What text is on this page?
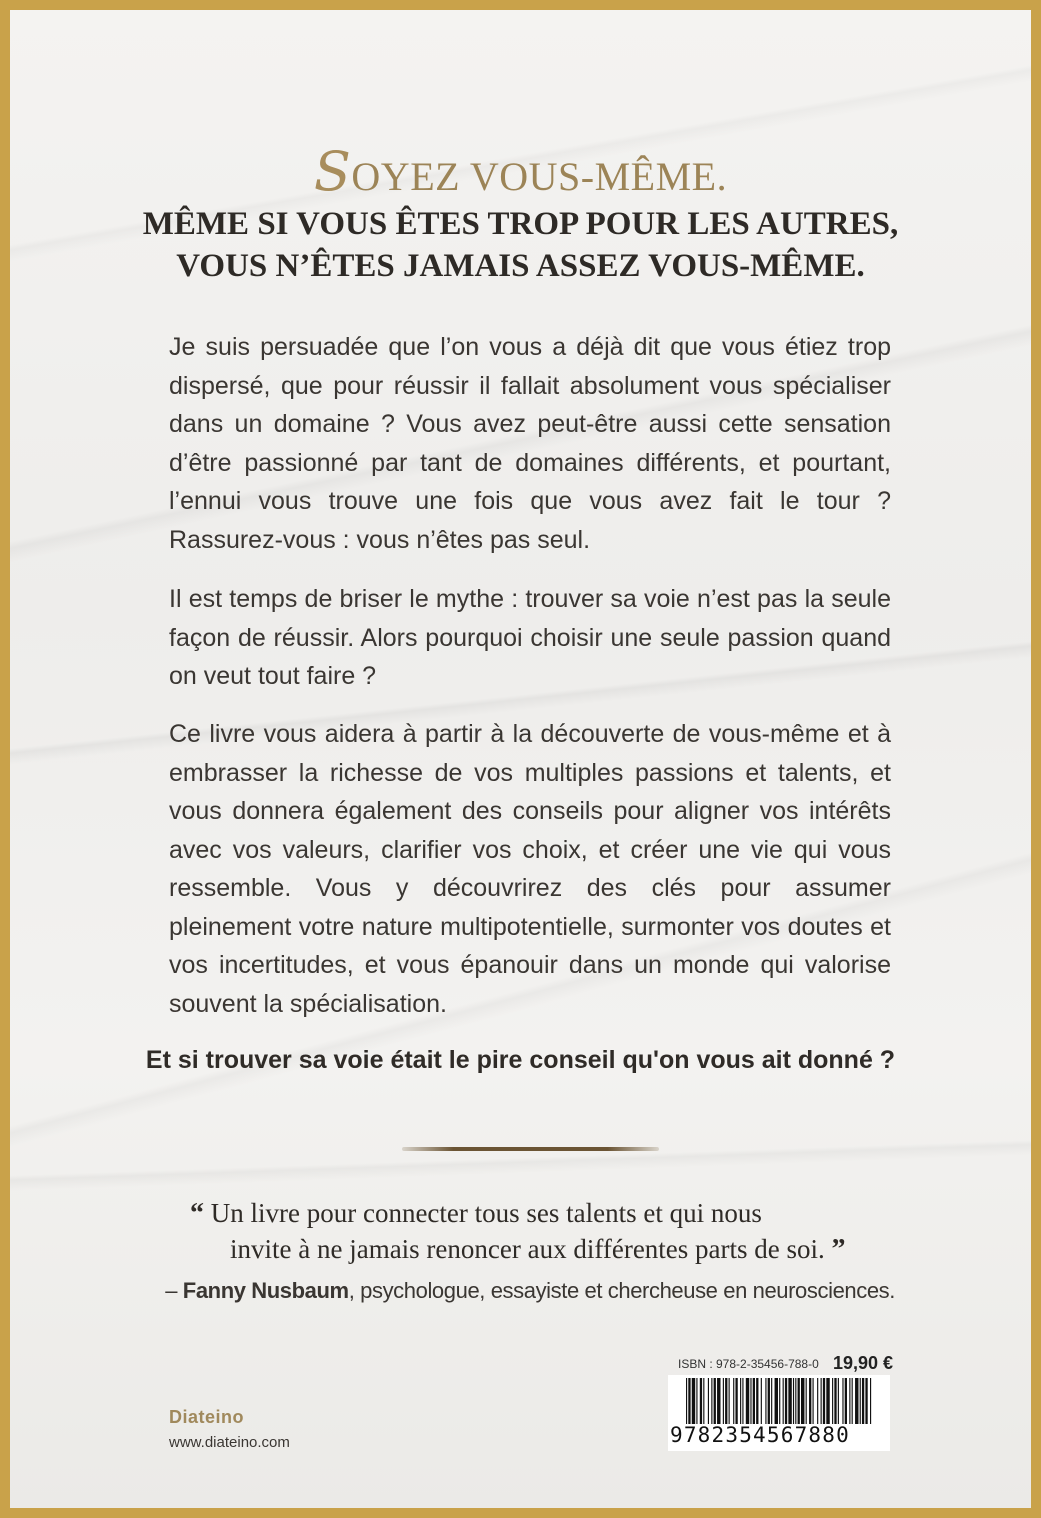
SOYEZ VOUS-MÊME.
MÊME SI VOUS ÊTES TROP POUR LES AUTRES,
VOUS N’ÊTES JAMAIS ASSEZ VOUS-MÊME.

Je suis persuadée que l’on vous a déjà dit que vous étiez trop dispersé, que pour réussir il fallait absolument vous spécialiser dans un domaine ? Vous avez peut-être aussi cette sensation d’être passionné par tant de domaines différents, et pourtant, l’ennui vous trouve une fois que vous avez fait le tour ? Rassurez-vous : vous n’êtes pas seul.

Il est temps de briser le mythe : trouver sa voie n’est pas la seule façon de réussir. Alors pourquoi choisir une seule passion quand on veut tout faire ?

Ce livre vous aidera à partir à la découverte de vous-même et à embrasser la richesse de vos multiples passions et talents, et vous donnera également des conseils pour aligner vos intérêts avec vos valeurs, clarifier vos choix, et créer une vie qui vous ressemble. Vous y découvrirez des clés pour assumer pleinement votre nature multipotentielle, surmonter vos doutes et vos incertitudes, et vous épanouir dans un monde qui valorise souvent la spécialisation.

Et si trouver sa voie était le pire conseil qu'on vous ait donné ?
“ Un livre pour connecter tous ses talents et qui nous
invite à ne jamais renoncer aux différentes parts de soi. ”
– Fanny Nusbaum, psychologue, essayiste et chercheuse en neurosciences.
ISBN : 978-2-35456-788-0 19,90 €
9782354567880
Diateino
www.diateino.com
